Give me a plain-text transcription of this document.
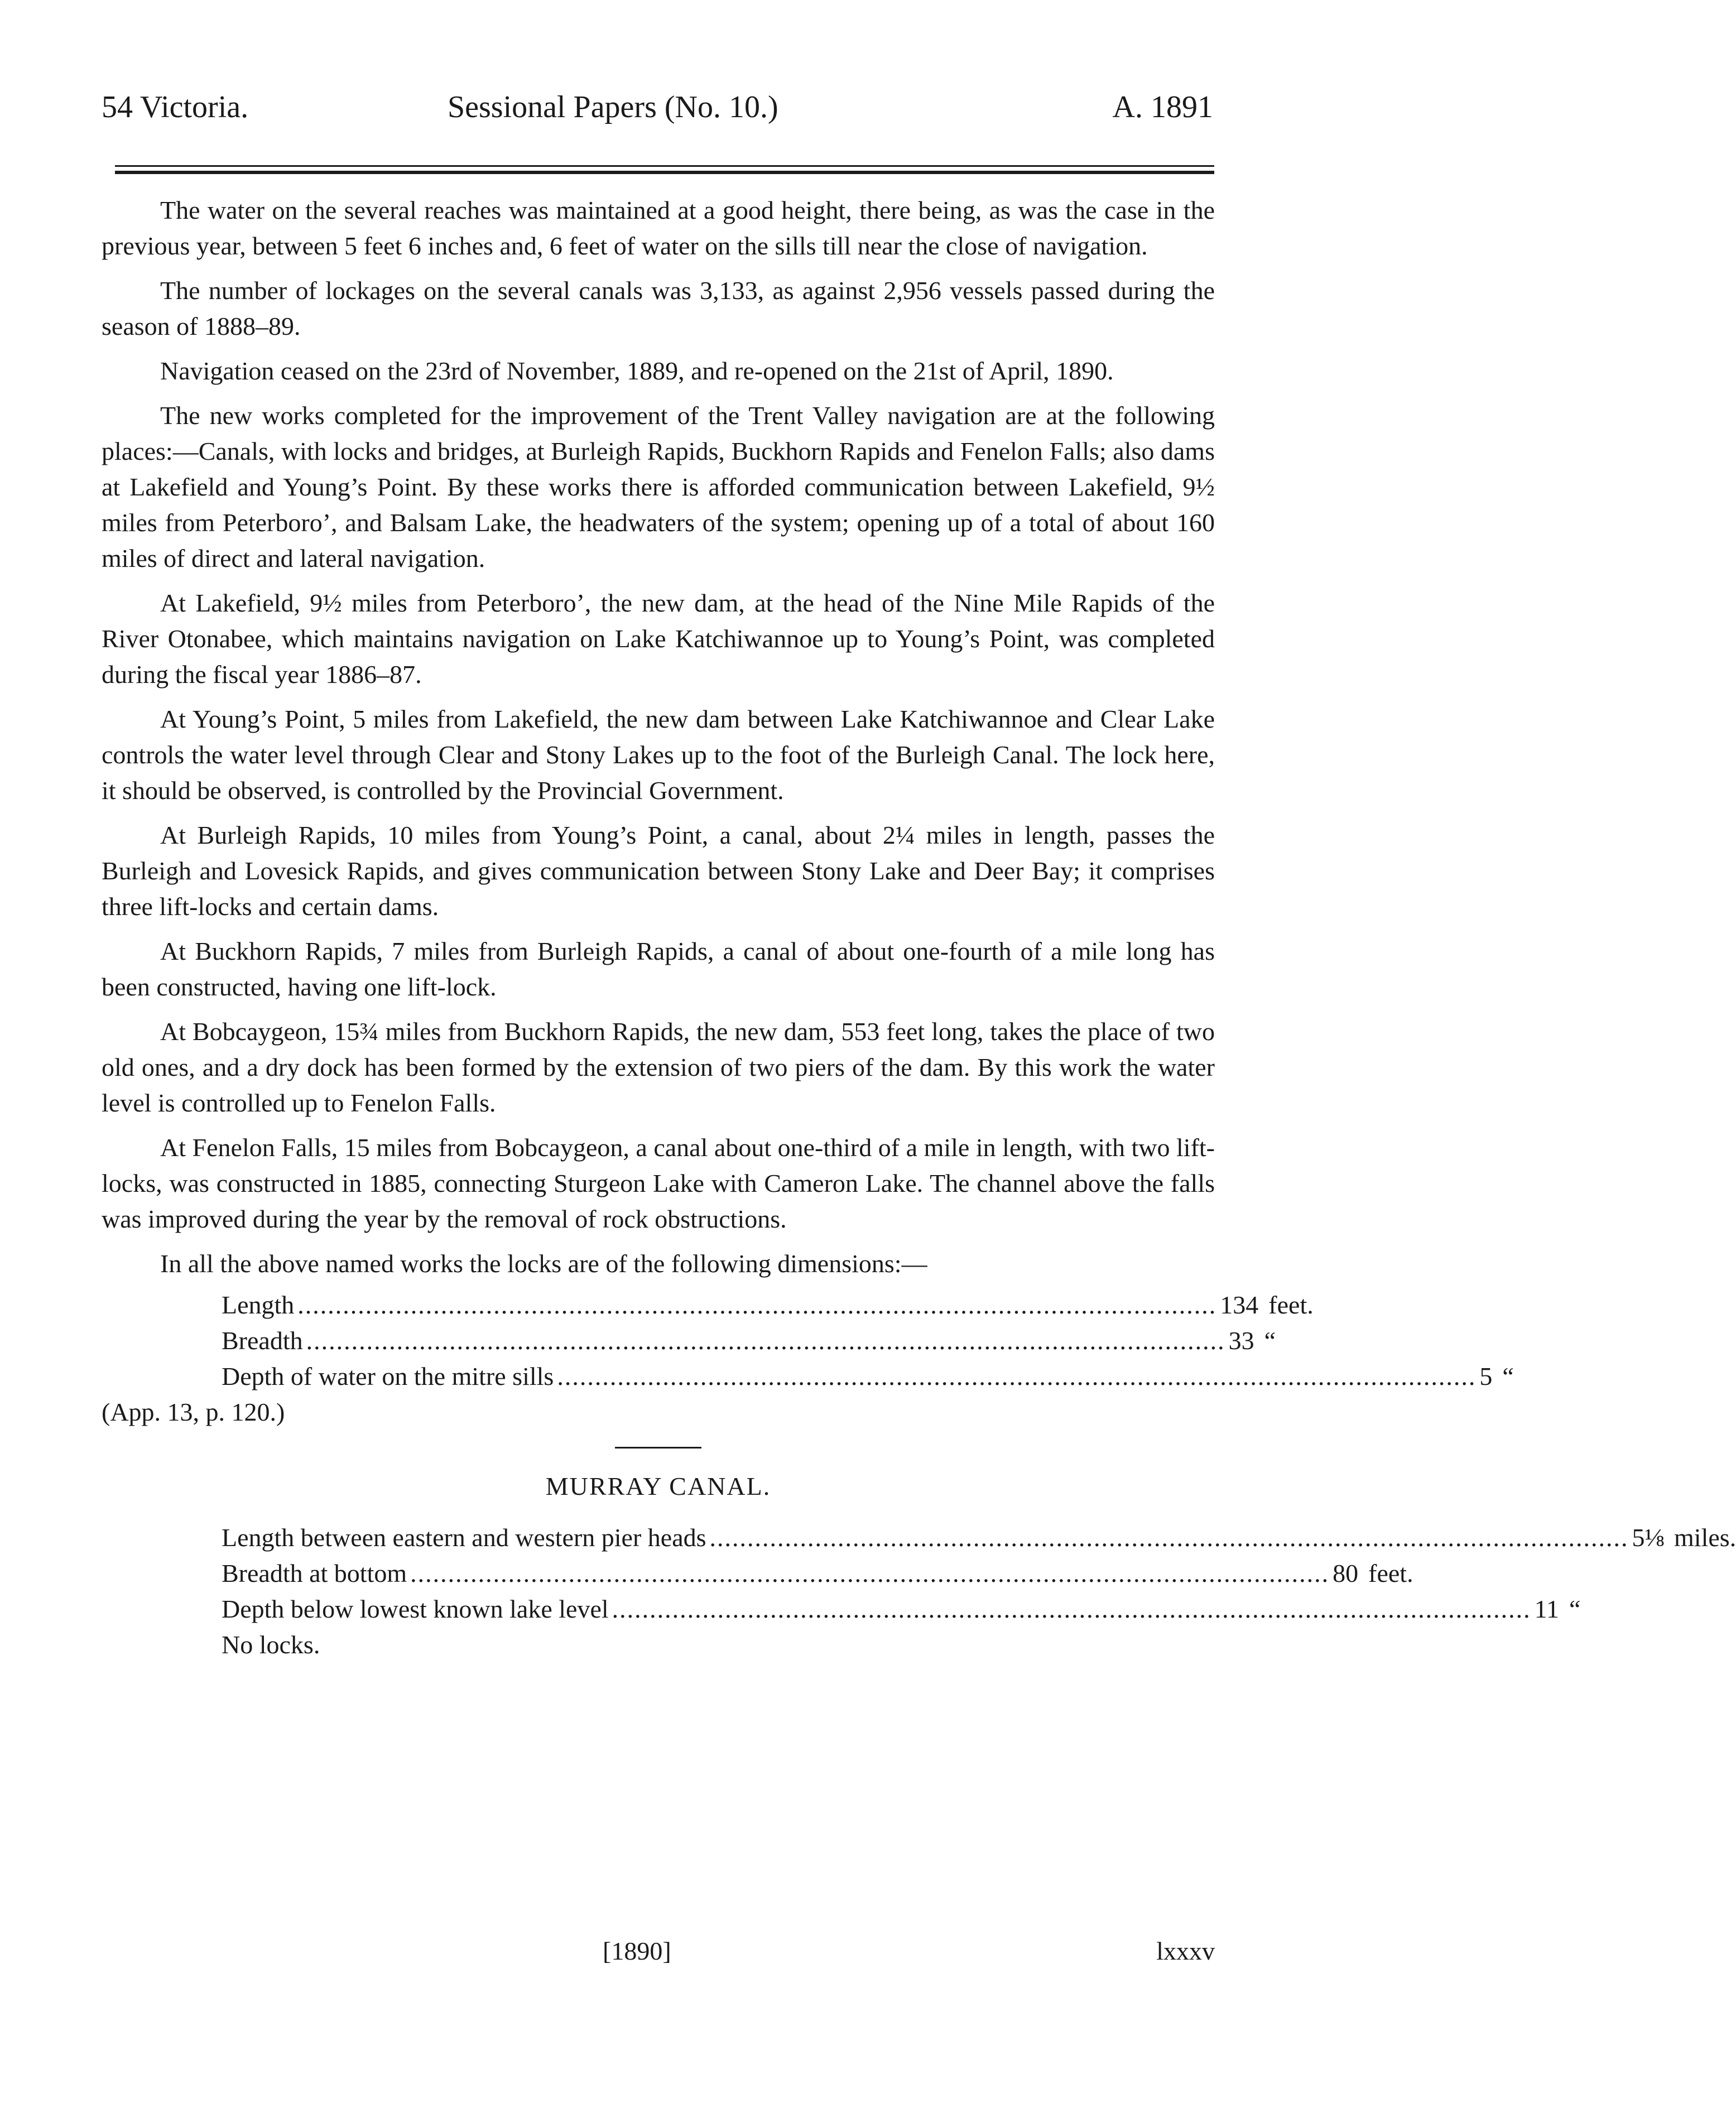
54 Victoria.	Sessional Papers (No. 10.)	A. 1891

The water on the several reaches was maintained at a good height, there being, as was the case in the previous year, between 5 feet 6 inches and, 6 feet of water on the sills till near the close of navigation.

The number of lockages on the several canals was 3,133, as against 2,956 vessels passed during the season of 1888–89.

Navigation ceased on the 23rd of November, 1889, and re-opened on the 21st of April, 1890.

The new works completed for the improvement of the Trent Valley navigation are at the following places:—Canals, with locks and bridges, at Burleigh Rapids, Buckhorn Rapids and Fenelon Falls; also dams at Lakefield and Young’s Point. By these works there is afforded communication between Lakefield, 9½ miles from Peterboro’, and Balsam Lake, the headwaters of the system; opening up of a total of about 160 miles of direct and lateral navigation.

At Lakefield, 9½ miles from Peterboro’, the new dam, at the head of the Nine Mile Rapids of the River Otonabee, which maintains navigation on Lake Katchiwannoe up to Young’s Point, was completed during the fiscal year 1886–87.

At Young’s Point, 5 miles from Lakefield, the new dam between Lake Katchiwannoe and Clear Lake controls the water level through Clear and Stony Lakes up to the foot of the Burleigh Canal. The lock here, it should be observed, is controlled by the Provincial Government.

At Burleigh Rapids, 10 miles from Young’s Point, a canal, about 2¼ miles in length, passes the Burleigh and Lovesick Rapids, and gives communication between Stony Lake and Deer Bay; it comprises three lift-locks and certain dams.

At Buckhorn Rapids, 7 miles from Burleigh Rapids, a canal of about one-fourth of a mile long has been constructed, having one lift-lock.

At Bobcaygeon, 15¾ miles from Buckhorn Rapids, the new dam, 553 feet long, takes the place of two old ones, and a dry dock has been formed by the extension of two piers of the dam. By this work the water level is controlled up to Fenelon Falls.

At Fenelon Falls, 15 miles from Bobcaygeon, a canal about one-third of a mile in length, with two lift-locks, was constructed in 1885, connecting Sturgeon Lake with Cameron Lake. The channel above the falls was improved during the year by the removal of rock obstructions.

In all the above named works the locks are of the following dimensions:—

Length .......................................................................................................................... 134 feet.
Breadth .......................................................................................................................... 33 “
Depth of water on the mitre sills .......................................................................................................................... 5 “

(App. 13, p. 120.)

MURRAY CANAL.
Length between eastern and western pier heads .......................................................................................................................... 5⅛ miles.
Breadth at bottom .......................................................................................................................... 80 feet.
Depth below lowest known lake level .......................................................................................................................... 11 “
No locks.
[1890]	lxxxv
